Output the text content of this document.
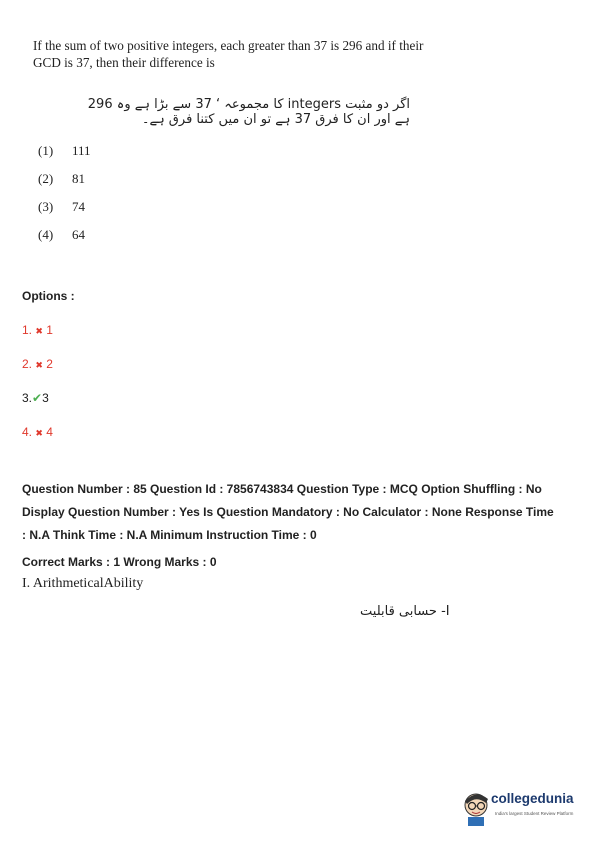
If the sum of two positive integers, each greater than 37 is 296 and if their
GCD is 37, then their difference is
اگر دو مثبت integers کا مجموعہ ‘ 37 سے بڑا ہے وہ 296 ہے اور ان کا فرق 37 ہے تو ان میں کتنا فرق ہے۔
(1) 111
(2) 81
(3) 74
(4) 64
Options :
1. ✖ 1
2. ✖ 2
3.✔3
4. ✖ 4
Question Number : 85 Question Id : 7856743834 Question Type : MCQ Option Shuffling : No
Display Question Number : Yes Is Question Mandatory : No Calculator : None Response Time
: N.A Think Time : N.A Minimum Instruction Time : 0
Correct Marks : 1 Wrong Marks : 0
I. ArithmeticalAbility
I- حسابی قابلیت
collegedunia
India's largest Student Review Platform
